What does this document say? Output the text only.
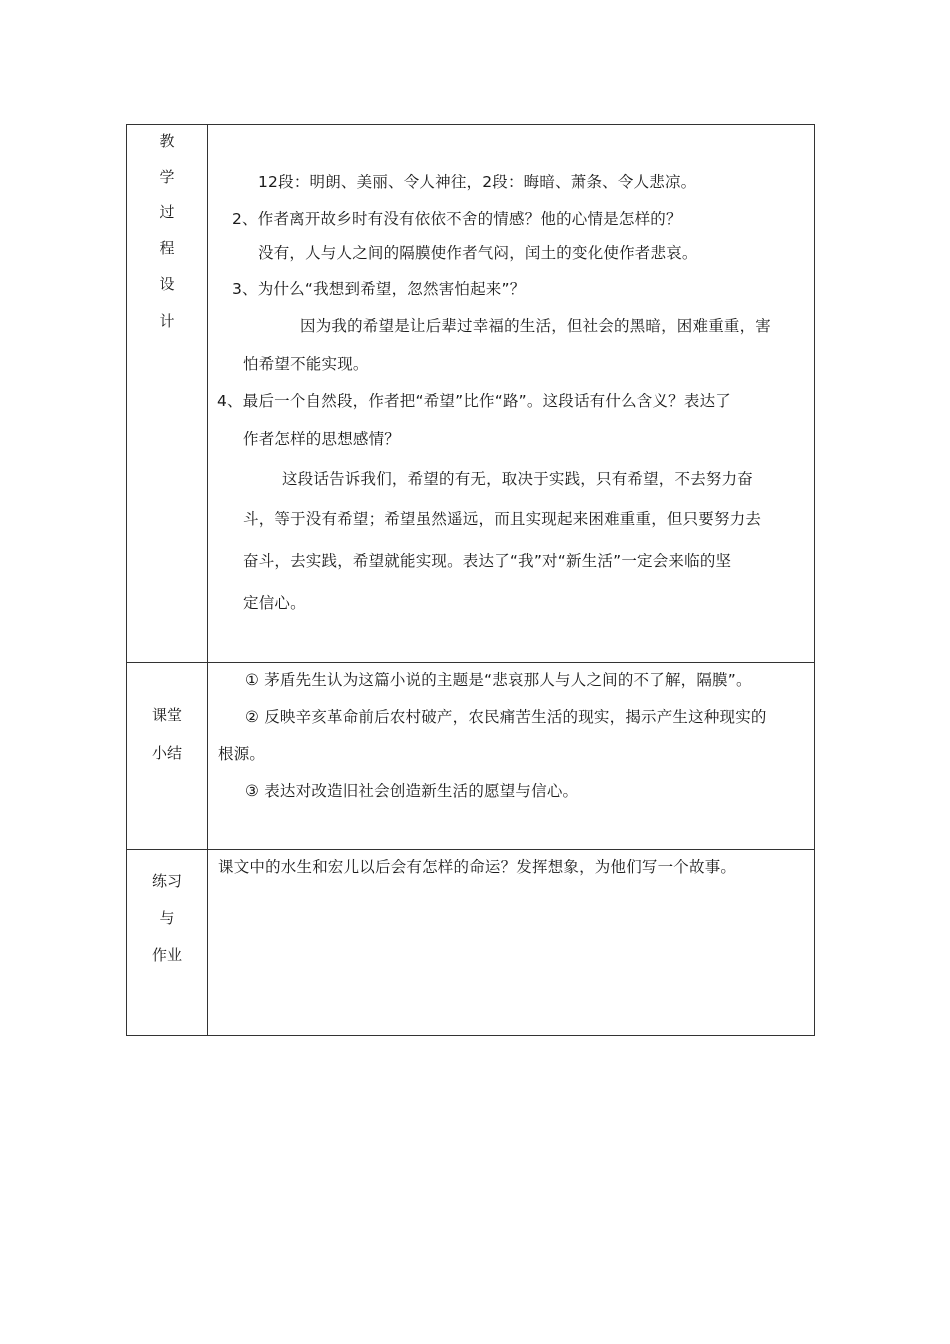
教
学
过
程
设
计
12段：明朗、美丽、令人神往，2段：晦暗、萧条、令人悲凉。
2、作者离开故乡时有没有依依不舍的情感？他的心情是怎样的？
没有，人与人之间的隔膜使作者气闷，闰土的变化使作者悲哀。
3、为什么“我想到希望，忽然害怕起来”？
因为我的希望是让后辈过幸福的生活，但社会的黑暗，困难重重，害
怕希望不能实现。
4、最后一个自然段，作者把“希望”比作“路”。这段话有什么含义？表达了
作者怎样的思想感情？
这段话告诉我们，希望的有无，取决于实践，只有希望，不去努力奋
斗，等于没有希望；希望虽然遥远，而且实现起来困难重重，但只要努力去
奋斗，去实践，希望就能实现。表达了“我”对“新生活”一定会来临的坚
定信心。
课堂
小结
① 茅盾先生认为这篇小说的主题是“悲哀那人与人之间的不了解，隔膜”。
② 反映辛亥革命前后农村破产，农民痛苦生活的现实，揭示产生这种现实的
根源。
③ 表达对改造旧社会创造新生活的愿望与信心。
练习
与
作业
课文中的水生和宏儿以后会有怎样的命运？发挥想象，为他们写一个故事。
